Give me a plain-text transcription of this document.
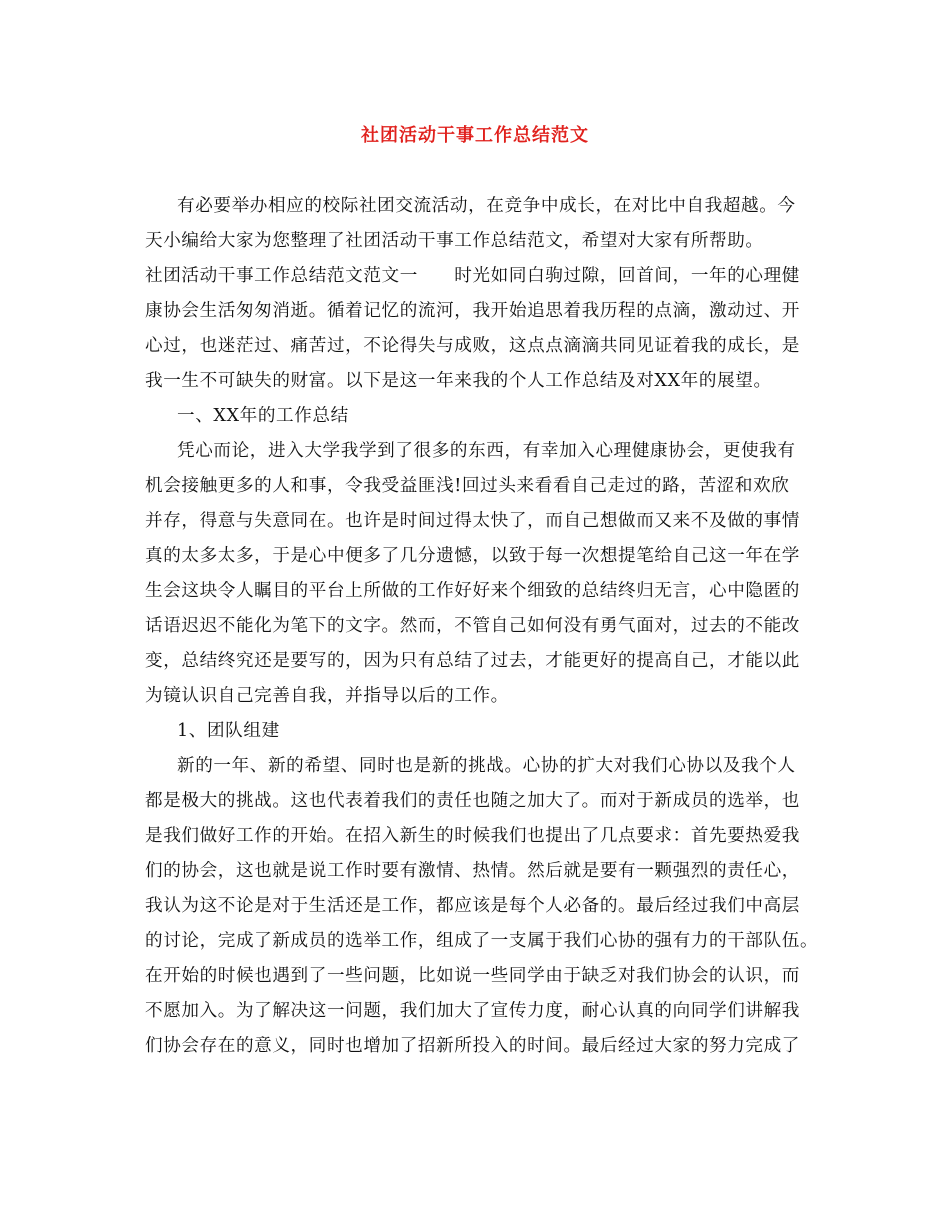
社团活动干事工作总结范文
有必要举办相应的校际社团交流活动，在竞争中成长，在对比中自我超越。今
天小编给大家为您整理了社团活动干事工作总结范文，希望对大家有所帮助。
社团活动干事工作总结范文范文一　　时光如同白驹过隙，回首间，一年的心理健
康协会生活匆匆消逝。循着记忆的流河，我开始追思着我历程的点滴，激动过、开
心过，也迷茫过、痛苦过，不论得失与成败，这点点滴滴共同见证着我的成长，是
我一生不可缺失的财富。以下是这一年来我的个人工作总结及对XX年的展望。
一、XX年的工作总结
凭心而论，进入大学我学到了很多的东西，有幸加入心理健康协会，更使我有
机会接触更多的人和事，令我受益匪浅!回过头来看看自己走过的路，苦涩和欢欣
并存，得意与失意同在。也许是时间过得太快了，而自己想做而又来不及做的事情
真的太多太多，于是心中便多了几分遗憾，以致于每一次想提笔给自己这一年在学
生会这块令人瞩目的平台上所做的工作好好来个细致的总结终归无言，心中隐匿的
话语迟迟不能化为笔下的文字。然而，不管自己如何没有勇气面对，过去的不能改
变，总结终究还是要写的，因为只有总结了过去，才能更好的提高自己，才能以此
为镜认识自己完善自我，并指导以后的工作。
1、团队组建
新的一年、新的希望、同时也是新的挑战。心协的扩大对我们心协以及我个人
都是极大的挑战。这也代表着我们的责任也随之加大了。而对于新成员的选举，也
是我们做好工作的开始。在招入新生的时候我们也提出了几点要求：首先要热爱我
们的协会，这也就是说工作时要有激情、热情。然后就是要有一颗强烈的责任心，
我认为这不论是对于生活还是工作，都应该是每个人必备的。最后经过我们中高层
的讨论，完成了新成员的选举工作，组成了一支属于我们心协的强有力的干部队伍。
在开始的时候也遇到了一些问题，比如说一些同学由于缺乏对我们协会的认识，而
不愿加入。为了解决这一问题，我们加大了宣传力度，耐心认真的向同学们讲解我
们协会存在的意义，同时也增加了招新所投入的时间。最后经过大家的努力完成了
